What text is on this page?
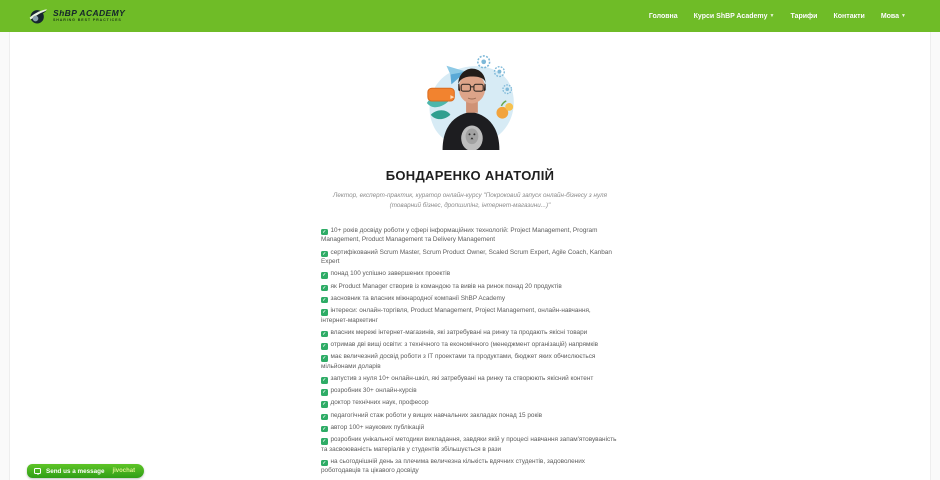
ShBP ACADEMY
SHARING BEST PRACTICES
Головна Курси ShBP Academy ▼ Тарифи Контакти Мова ▼
БОНДАРЕНКО АНАТОЛІЙ

Лектор, експерт-практик, куратор онлайн-курсу "Покроковий запуск онлайн-бізнесу з нуля (товарний бізнес, дропшипінг, інтернет-магазини...)"

✓10+ років досвіду роботи у сфері інформаційних технологій: Project Management, Program Management, Product Management та Delivery Management
✓сертифікований Scrum Master, Scrum Product Owner, Scaled Scrum Expert, Agile Coach, Kanban Expert
✓понад 100 успішно завершених проектів
✓як Product Manager створив із командою та вивів на ринок понад 20 продуктів
✓засновник та власник міжнародної компанії ShBP Academy
✓інтереси: онлайн-торгівля, Product Management, Project Management, онлайн-навчання, інтернет-маркетинг
✓власник мережі інтернет-магазинів, які затребувані на ринку та продають якісні товари
✓отримав дві вищі освіти: з технічного та економічного (менеджмент організацій) напрямків
✓має величезний досвід роботи з ІТ проектами та продуктами, бюджет яких обчислюється мільйонами доларів
✓запустив з нуля 10+ онлайн-шкіл, які затребувані на ринку та створюють якісний контент
✓розробник 30+ онлайн-курсів
✓доктор технічних наук, професор
✓педагогічний стаж роботи у вищих навчальних закладах понад 15 років
✓автор 100+ наукових публікацій
✓розробник унікальної методики викладання, завдяки якій у процесі навчання запам'ятовуваність та засвоюваність матеріалів у студентів збільшується в рази
✓на сьогоднішній день за плечима величезна кількість вдячних студентів, задоволених роботодавців та цікавого досвіду
Send us a message jivochat
